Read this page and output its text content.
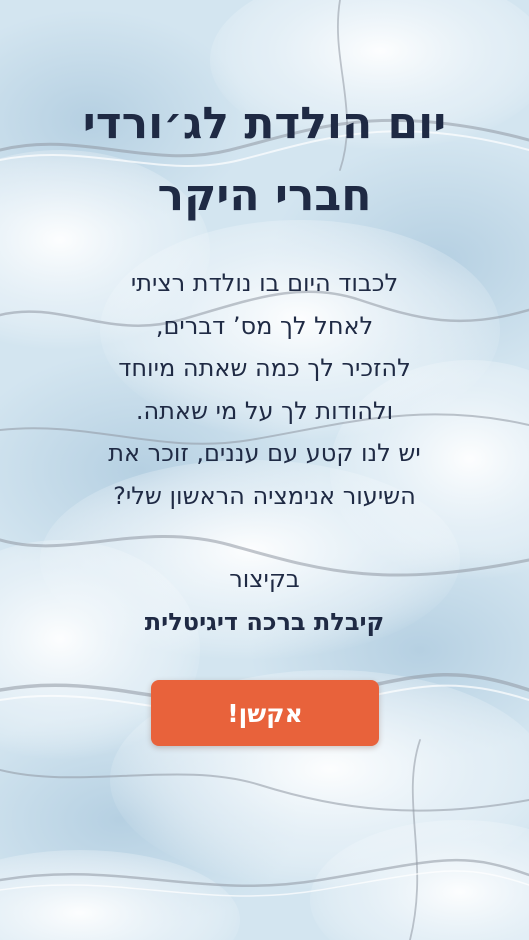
יום הולדת לג׳ורדי
חברי היקר
לכבוד היום בו נולדת רציתי
לאחל לך מס’ דברים,
להזכיר לך כמה שאתה מיוחד
ולהודות לך על מי שאתה.
יש לנו קטע עם עננים, זוכר את
השיעור אנימציה הראשון שלי?
בקיצור
קיבלת ברכה דיגיטלית
אקשן!
